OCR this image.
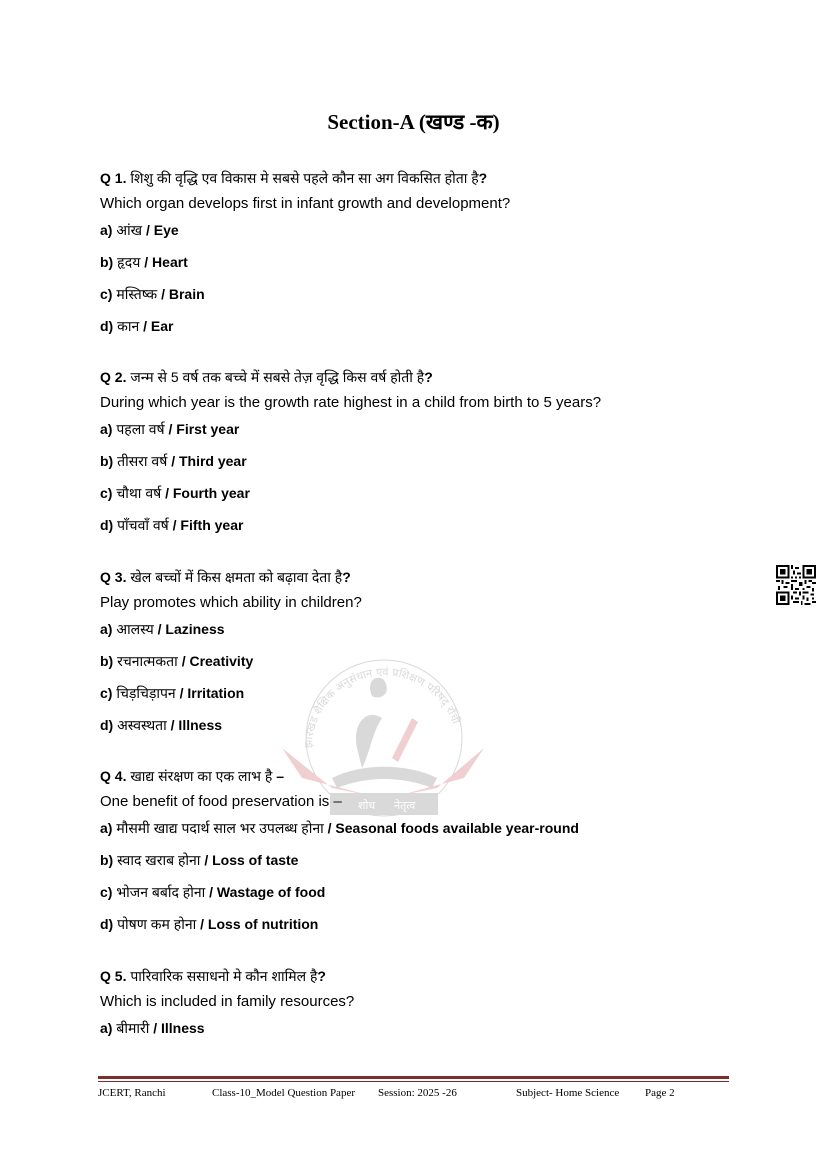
Section-A (खण्ड -क)
Q 1. शिशु की वृद्धि एव विकास मे सबसे पहले कौन सा अग विकसित होता है?
Which organ develops first in infant growth and development?
a) आंख / Eye
b) हृदय / Heart
c) मस्तिष्क / Brain
d) कान / Ear
Q 2. जन्म से 5 वर्ष तक बच्चे में सबसे तेज़ वृद्धि किस वर्ष होती है?
During which year is the growth rate highest in a child from birth to 5 years?
a) पहला वर्ष / First year
b) तीसरा वर्ष / Third year
c) चौथा वर्ष / Fourth year
d) पाँचवाँ वर्ष / Fifth year
Q 3. खेल बच्चों में किस क्षमता को बढ़ावा देता है?
Play promotes which ability in children?
a) आलस्य / Laziness
b) रचनात्मकता / Creativity
c) चिड़चिड़ापन / Irritation
d) अस्वस्थता / Illness
Q 4. खाद्य संरक्षण का एक लाभ है –
One benefit of food preservation is –
a) मौसमी खाद्य पदार्थ साल भर उपलब्ध होना / Seasonal foods available year-round
b) स्वाद खराब होना / Loss of taste
c) भोजन बर्बाद होना / Wastage of food
d) पोषण कम होना / Loss of nutrition
Q 5. पारिवारिक ससाधनो मे कौन शामिल है?
Which is included in family resources?
a) बीमारी / Illness
झारखंड शैक्षिक अनुसंधान एवं प्रशिक्षण परिषद् राँची
शोध नेतृत्व
JCERT, Ranchi	Class-10_Model Question Paper Session: 2025 -26	Subject- Home Science Page 2
